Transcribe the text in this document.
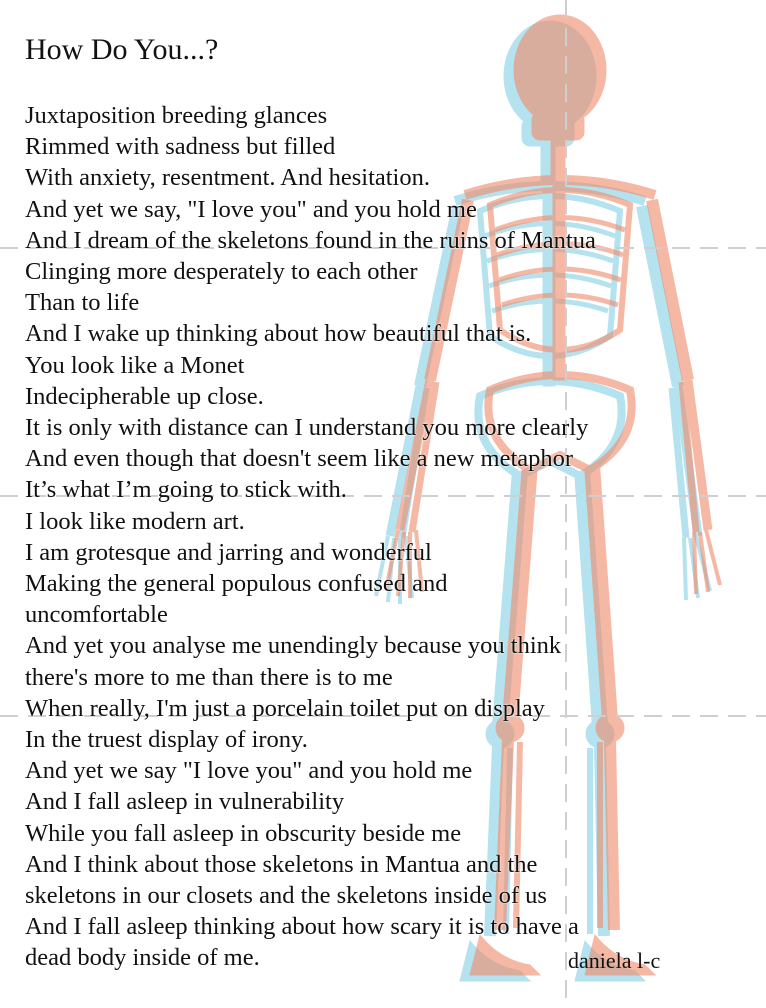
How Do You...?
Juxtaposition breeding glances
Rimmed with sadness but filled
With anxiety, resentment. And hesitation.
And yet we say, "I love you" and you hold me
And I dream of the skeletons found in the ruins of Mantua
Clinging more desperately to each other
Than to life
And I wake up thinking about how beautiful that is.
You look like a Monet
Indecipherable up close.
It is only with distance can I understand you more clearly
And even though that doesn't seem like a new metaphor
It’s what I’m going to stick with.
I look like modern art.
I am grotesque and jarring and wonderful
Making the general populous confused and
uncomfortable
And yet you analyse me unendingly because you think
there's more to me than there is to me
When really, I'm just a porcelain toilet put on display
In the truest display of irony.
And yet we say "I love you" and you hold me
And I fall asleep in vulnerability
While you fall asleep in obscurity beside me
And I think about those skeletons in Mantua and the
skeletons in our closets and the skeletons inside of us
And I fall asleep thinking about how scary it is to have a
dead body inside of me.	daniela l-c
